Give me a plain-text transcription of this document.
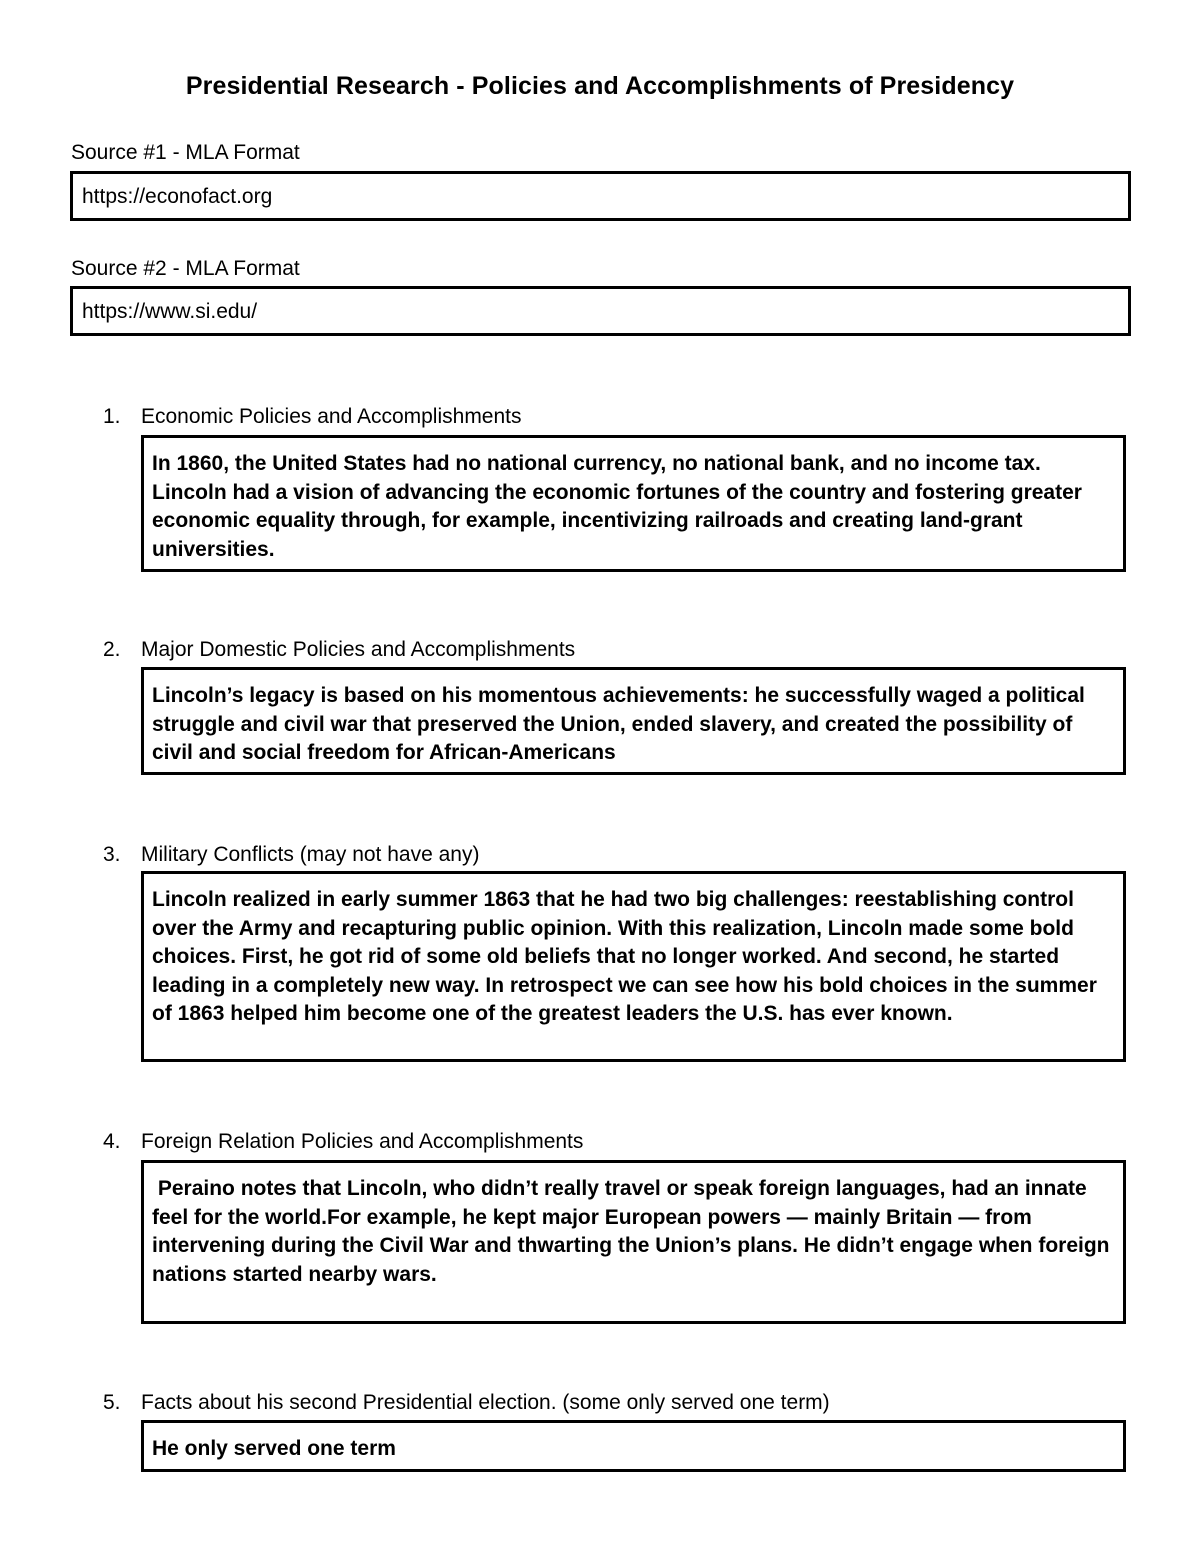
Presidential Research - Policies and Accomplishments of Presidency
Source #1 - MLA Format
https://econofact.org
Source #2 - MLA Format
https://www.si.edu/
1. Economic Policies and Accomplishments

In 1860, the United States had no national currency, no national bank, and no income tax. Lincoln had a vision of advancing the economic fortunes of the country and fostering greater economic equality through, for example, incentivizing railroads and creating land-grant universities.

2. Major Domestic Policies and Accomplishments

Lincoln’s legacy is based on his momentous achievements: he successfully waged a political struggle and civil war that preserved the Union, ended slavery, and created the possibility of civil and social freedom for African-Americans

3. Military Conflicts (may not have any)

Lincoln realized in early summer 1863 that he had two big challenges: reestablishing control over the Army and recapturing public opinion. With this realization, Lincoln made some bold choices. First, he got rid of some old beliefs that no longer worked. And second, he started leading in a completely new way. In retrospect we can see how his bold choices in the summer of 1863 helped him become one of the greatest leaders the U.S. has ever known.

4. Foreign Relation Policies and Accomplishments

Peraino notes that Lincoln, who didn’t really travel or speak foreign languages, had an innate feel for the world.For example, he kept major European powers — mainly Britain — from intervening during the Civil War and thwarting the Union’s plans. He didn’t engage when foreign nations started nearby wars.

5. Facts about his second Presidential election. (some only served one term)

He only served one term
